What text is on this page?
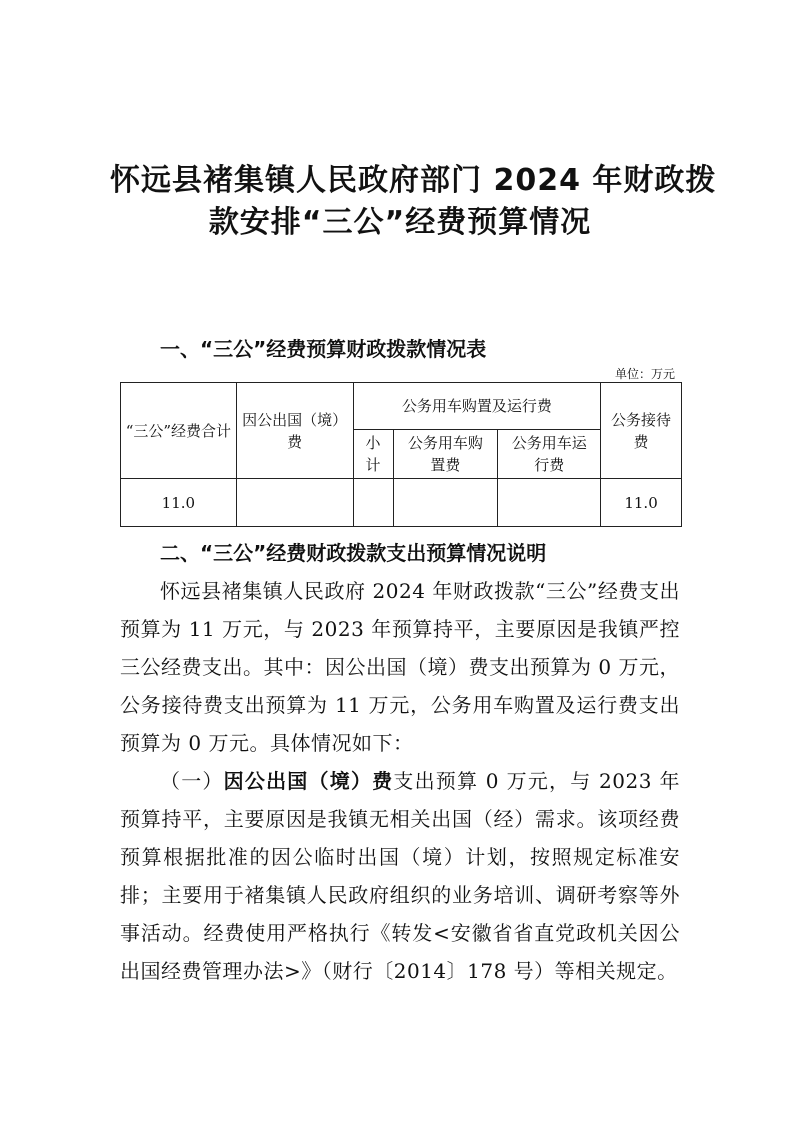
怀远县褚集镇人民政府部门 2024 年财政拨
款安排“三公”经费预算情况
一、“三公”经费预算财政拨款情况表
单位：万元
“三公”经费合计	因公出国（境）费	公务用车购置及运行费			公务接待费
		小计	公务用车购置费	公务用车运行费	
11.0					11.0
二、“三公”经费财政拨款支出预算情况说明

怀远县褚集镇人民政府 2024 年财政拨款“三公”经费支出预算为 11 万元，与 2023 年预算持平，主要原因是我镇严控三公经费支出。其中：因公出国（境）费支出预算为 0 万元，公务接待费支出预算为 11 万元，公务用车购置及运行费支出预算为 0 万元。具体情况如下：

（一）因公出国（境）费支出预算 0 万元，与 2023 年预算持平，主要原因是我镇无相关出国（经）需求。该项经费预算根据批准的因公临时出国（境）计划，按照规定标准安排；主要用于褚集镇人民政府组织的业务培训、调研考察等外事活动。经费使用严格执行《转发<安徽省省直党政机关因公出国经费管理办法>》（财行〔2014〕178 号）等相关规定。
